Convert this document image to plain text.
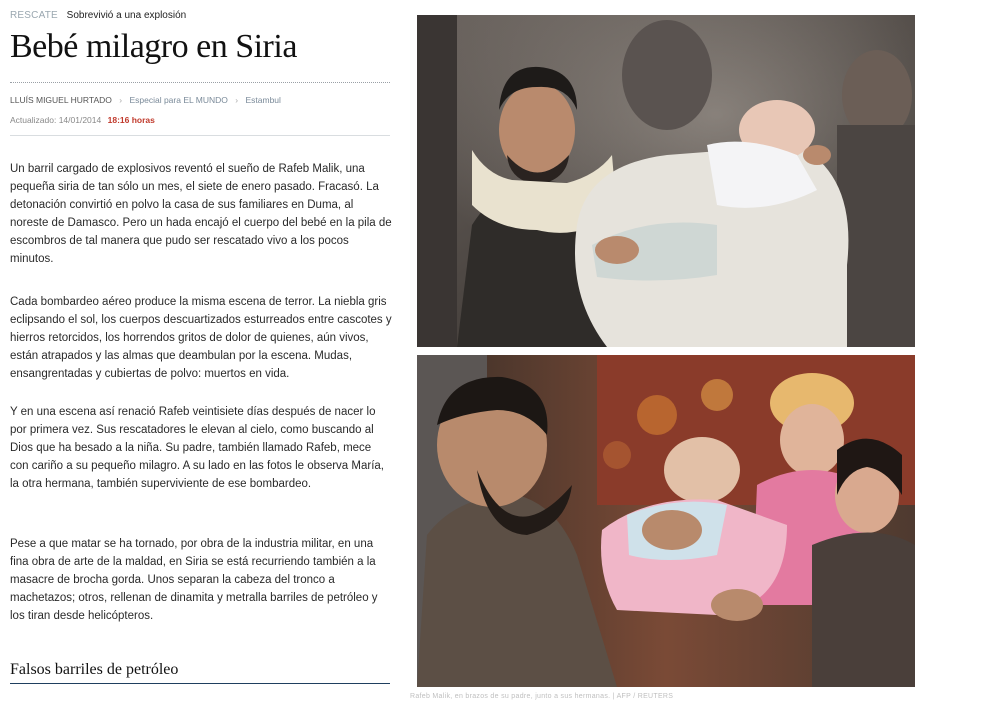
RESCATE Sobrevivió a una explosión
Bebé milagro en Siria
LLUÍS MIGUEL HURTADO › Especial para EL MUNDO › Estambul
Actualizado: 14/01/2014 18:16 horas

Un barril cargado de explosivos reventó el sueño de Rafeb Malik, una pequeña siria de tan sólo un mes, el siete de enero pasado. Fracasó. La detonación convirtió en polvo la casa de sus familiares en Duma, al noreste de Damasco. Pero un hada encajó el cuerpo del bebé en la pila de escombros de tal manera que pudo ser rescatado vivo a los pocos minutos.

Cada bombardeo aéreo produce la misma escena de terror. La niebla gris eclipsando el sol, los cuerpos descuartizados esturreados entre cascotes y hierros retorcidos, los horrendos gritos de dolor de quienes, aún vivos, están atrapados y las almas que deambulan por la escena. Mudas, ensangrentadas y cubiertas de polvo: muertos en vida.

Y en una escena así renació Rafeb veintisiete días después de nacer lo por primera vez. Sus rescatadores le elevan al cielo, como buscando al Dios que ha besado a la niña. Su padre, también llamado Rafeb, mece con cariño a su pequeño milagro. A su lado en las fotos le observa María, la otra hermana, también superviviente de ese bombardeo.

Pese a que matar se ha tornado, por obra de la industria militar, en una fina obra de arte de la maldad, en Siria se está recurriendo también a la masacre de brocha gorda. Unos separan la cabeza del tronco a machetazos; otros, rellenan de dinamita y metralla barriles de petróleo y los tiran desde helicópteros.

Falsos barriles de petróleo
Rafeb Malik, en brazos de su padre, junto a sus hermanas. | AFP / REUTERS
